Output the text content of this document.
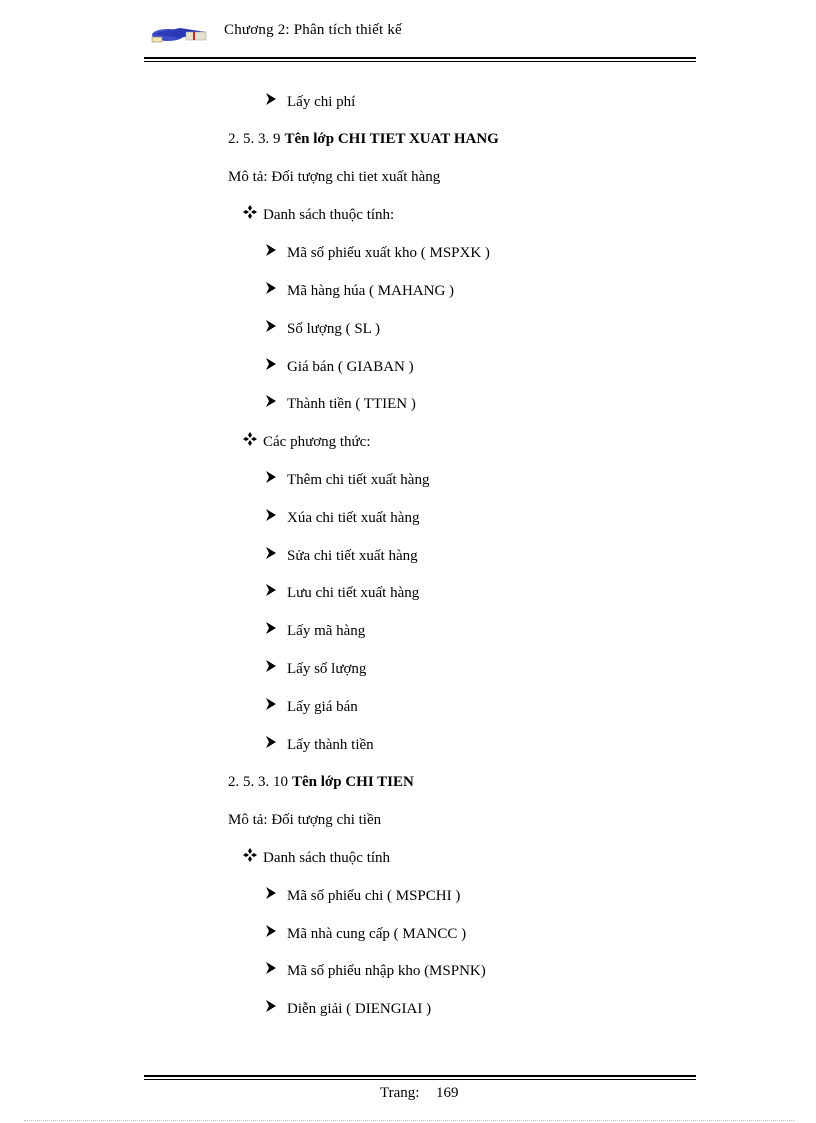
Chương 2: Phân tích thiết kế
Lấy chi phí
2. 5. 3. 9 Tên lớp CHI TIET XUAT HANG
Mô tả: Đối tượng chi tiet xuất hàng
Danh sách thuộc tính:
Mã số phiếu xuất kho ( MSPXK )
Mã hàng húa ( MAHANG )
Số lượng ( SL )
Giá bán ( GIABAN )
Thành tiền ( TTIEN )
Các phương thức:
Thêm chi tiết xuất hàng
Xúa chi tiết xuất hàng
Sửa chi tiết xuất hàng
Lưu chi tiết xuất hàng
Lấy mã hàng
Lấy số lượng
Lấy giá bán
Lấy thành tiền
2. 5. 3. 10 Tên lớp CHI TIEN
Mô tả: Đối tượng chi tiền
Danh sách thuộc tính
Mã số phiếu chi ( MSPCHI )
Mã nhà cung cấp ( MANCC )
Mã số phiếu nhập kho (MSPNK)
Diễn giải ( DIENGIAI )
Trang: 169
